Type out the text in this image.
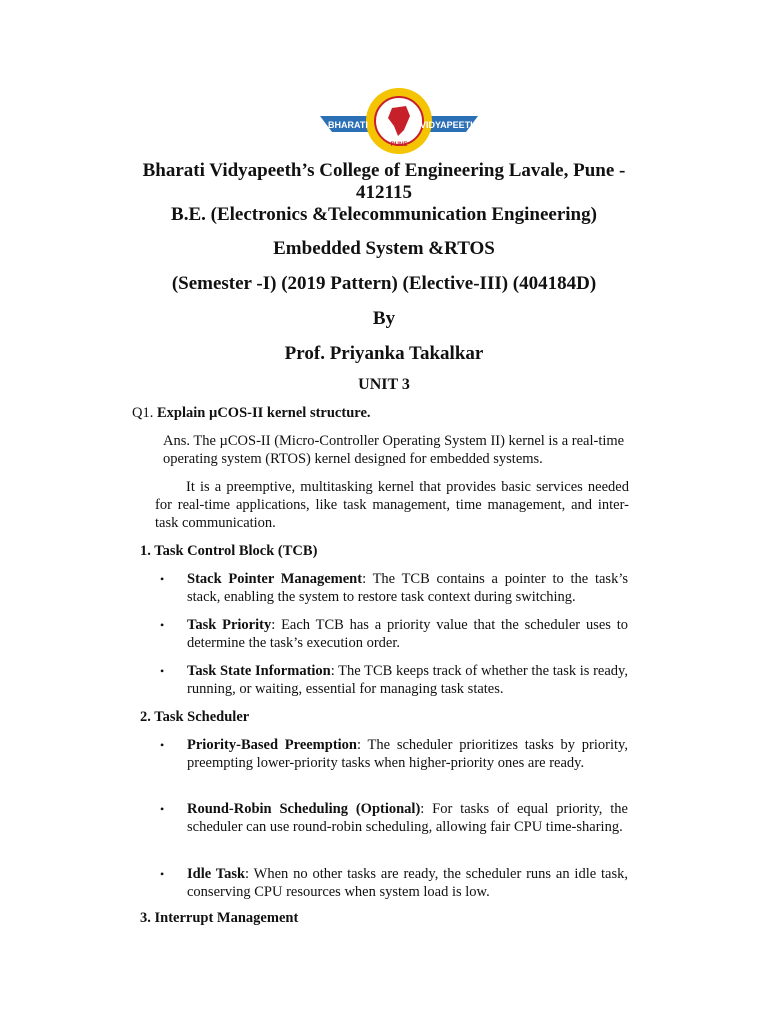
BHARATI	VIDYAPEETH
PUNE
Bharati Vidyapeeth’s College of Engineering Lavale, Pune -
412115
B.E. (Electronics &Telecommunication Engineering)
Embedded System &RTOS
(Semester -I) (2019 Pattern) (Elective-III) (404184D)
By
Prof. Priyanka Takalkar
UNIT 3
Q1. Explain µCOS-II kernel structure.
Ans. The µCOS-II (Micro-Controller Operating System II) kernel is a real-time operating system (RTOS) kernel designed for embedded systems.
It is a preemptive, multitasking kernel that provides basic services needed for real-time applications, like task management, time management, and inter-task communication.
1. Task Control Block (TCB)
• Stack Pointer Management: The TCB contains a pointer to the task’s stack, enabling the system to restore task context during switching.
• Task Priority: Each TCB has a priority value that the scheduler uses to determine the task’s execution order.
• Task State Information: The TCB keeps track of whether the task is ready, running, or waiting, essential for managing task states.
2. Task Scheduler
• Priority-Based Preemption: The scheduler prioritizes tasks by priority, preempting lower-priority tasks when higher-priority ones are ready.
• Round-Robin Scheduling (Optional): For tasks of equal priority, the scheduler can use round-robin scheduling, allowing fair CPU time-sharing.
• Idle Task: When no other tasks are ready, the scheduler runs an idle task, conserving CPU resources when system load is low.
3. Interrupt Management
